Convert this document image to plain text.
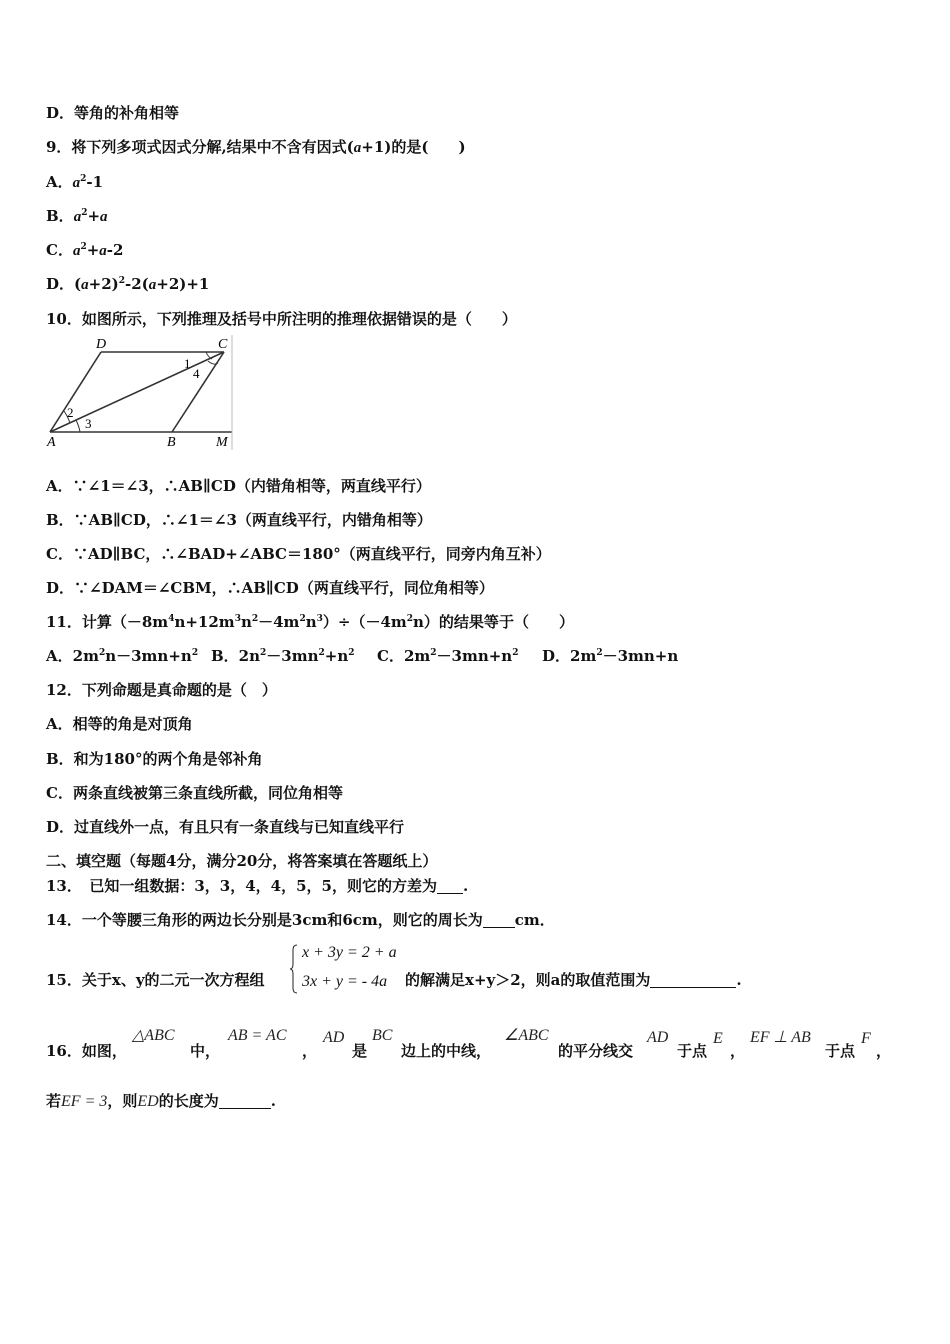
D．等角的补角相等
9．将下列多项式因式分解,结果中不含有因式(a+1)的是(　　)
A．$a^2-1$
B．$a^2+a$
C．$a^2+a-2$
D．$(a+2)^2-2(a+2)+1$
10．如图所示，下列推理及括号中所注明的推理依据错误的是（　　）
D	C
A	B	M
1
2
3
4
A．∵∠1＝∠3，∴AB∥CD（内错角相等，两直线平行）
B．∵AB∥CD，∴∠1＝∠3（两直线平行，内错角相等）
C．∵AD∥BC，∴∠BAD+∠ABC＝180°（两直线平行，同旁内角互补）
D．∵∠DAM＝∠CBM，∴AB∥CD（两直线平行，同位角相等）
11．计算$(-8m^4n+12m^3n^2-4m^2n^3)\div(-4m^2n)$的结果等于（　　）
A．$2m^2n-3mn+n^2$ B．$2n^2-3mn^2+n^2$ C．$2m^2-3mn+n^2$ D．$2m^2-3mn+n$
12．下列命题是真命题的是（　）
A．相等的角是对顶角
B．和为180°的两个角是邻补角
C．两条直线被第三条直线所截，同位角相等
D．过直线外一点，有且只有一条直线与已知直线平行
二、填空题（每题4分，满分20分，将答案填在答题纸上）
13．　已知一组数据：3，3，4，4，5，5，则它的方差为 .
14．一个等腰三角形的两边长分别是3cm和6cm，则它的周长为 cm．
15．关于x、y的二元一次方程组
x + 3y = 2 + a
3x + y = - 4a 的解满足x+y＞2，则a的取值范围为	.
16．如图，
△ABC
中，
AB = AC
，
AD
是
BC
边上的中线，
∠ABC
的平分线交
AD
于点
E
，
EF ⊥ AB
于点
F
，
若EF = 3，则ED的长度为	.
